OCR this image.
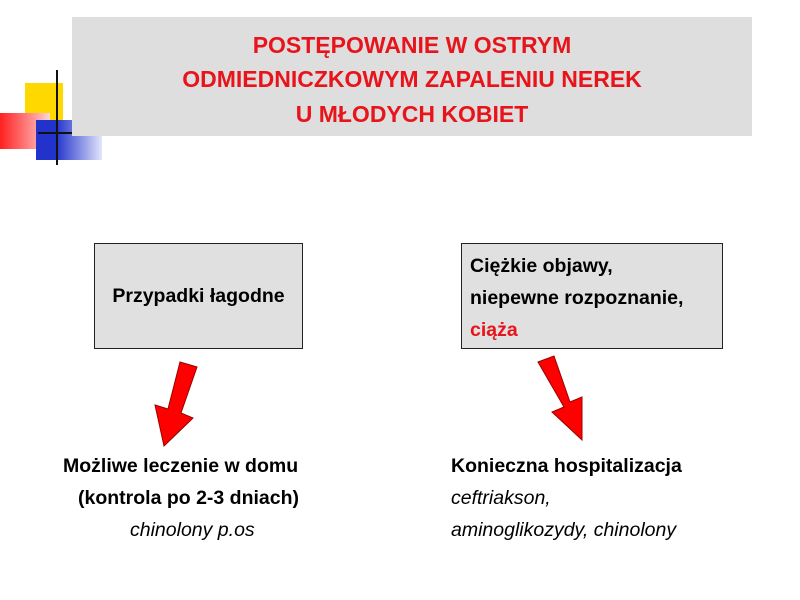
POSTĘPOWANIE W OSTRYM
ODMIEDNICZKOWYM ZAPALENIU NEREK
U MŁODYCH KOBIET
Przypadki łagodne
Ciężkie objawy,
niepewne rozpoznanie,
ciąża
Możliwe leczenie w domu
(kontrola po 2-3 dniach)
chinolony p.os
Konieczna hospitalizacja
ceftriakson,
aminoglikozydy, chinolony
